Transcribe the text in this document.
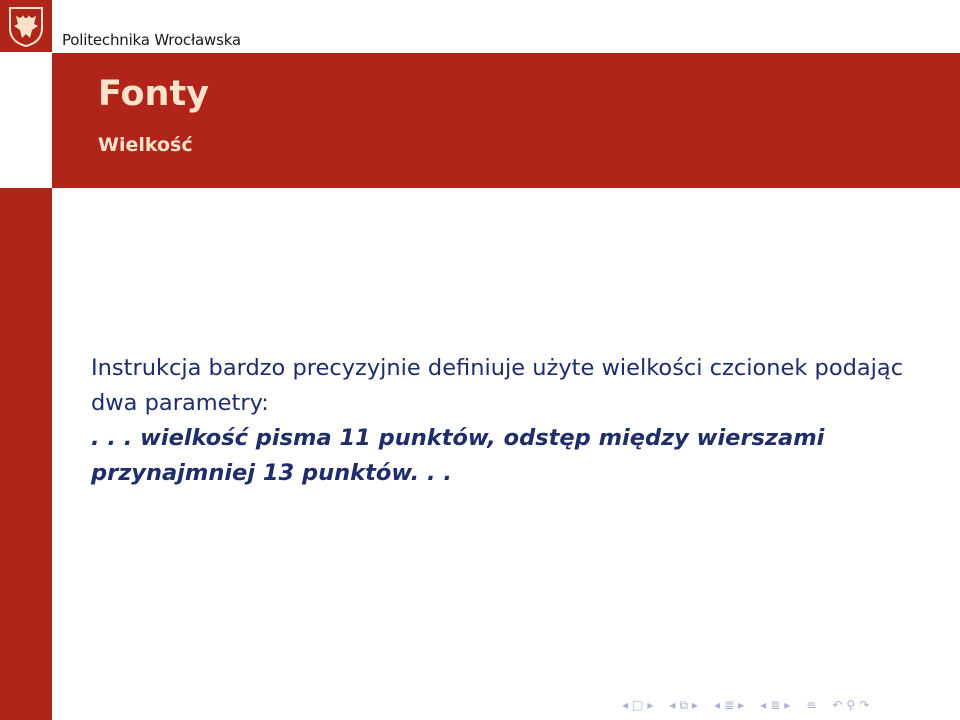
Politechnika Wrocławska
Fonty
Wielkość

Instrukcja bardzo precyzyjnie definiuje użyte wielkości czcionek podając dwa parametry:

. . . wielkość pisma 11 punktów, odstęp między wierszami przynajmniej 13 punktów. . .

◂ □ ▸ ◂ ⧉ ▸ ◂ ≣ ▸ ◂ ≣ ▸ ≡ ↶ ⚲ ↷
